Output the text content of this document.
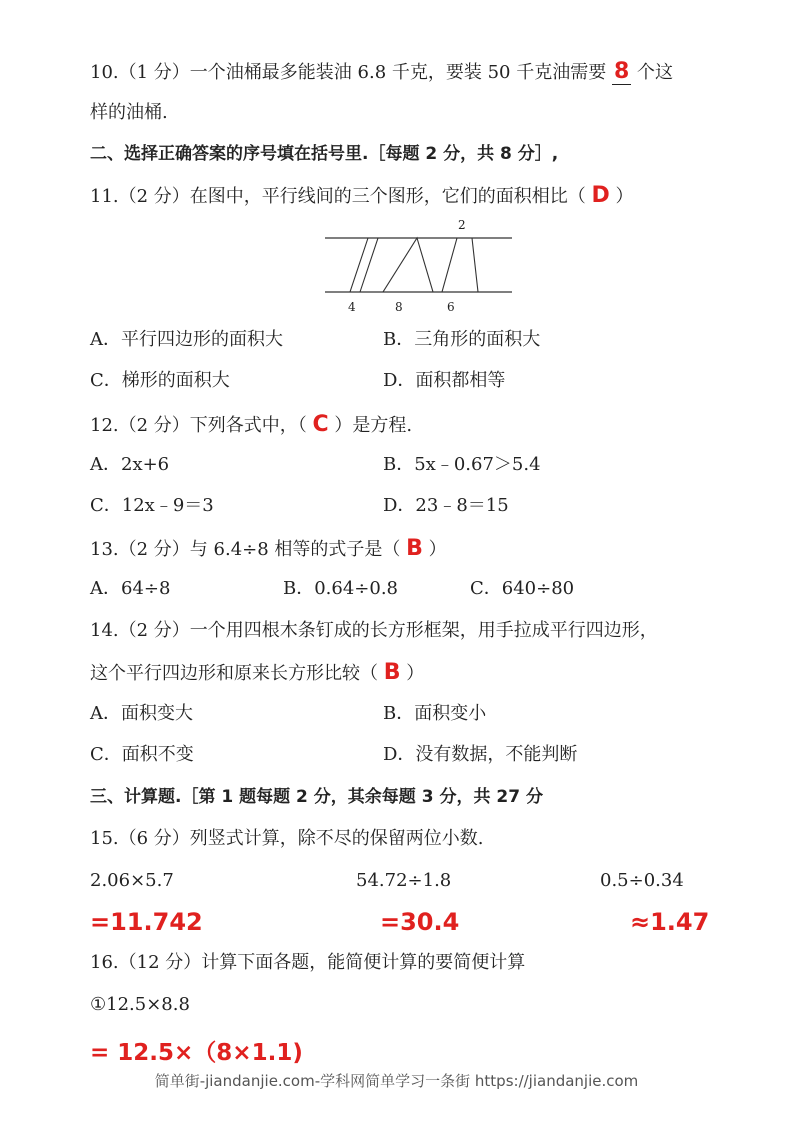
10.（1 分）一个油桶最多能装油 6.8 千克，要装 50 千克油需要 8 个这
样的油桶.
二、选择正确答案的序号填在括号里.［每题 2 分，共 8 分］,
11.（2 分）在图中，平行线间的三个图形，它们的面积相比（ D ）
2
4	8	6
A．平行四边形的面积大	B．三角形的面积大
C．梯形的面积大	D．面积都相等
12.（2 分）下列各式中，（ C ）是方程.
A．2x+6	B．5x﹣0.67＞5.4
C．12x﹣9＝3	D．23﹣8＝15
13.（2 分）与 6.4÷8 相等的式子是（ B ）
A．64÷8	B．0.64÷0.8	C．640÷80
14.（2 分）一个用四根木条钉成的长方形框架，用手拉成平行四边形，
这个平行四边形和原来长方形比较（ B ）
A．面积变大	B．面积变小
C．面积不变	D．没有数据，不能判断
三、计算题.［第 1 题每题 2 分，其余每题 3 分，共 27 分
15.（6 分）列竖式计算，除不尽的保留两位小数.
2.06×5.7	54.72÷1.8	0.5÷0.34
=11.742	=30.4	≈1.47
16.（12 分）计算下面各题，能简便计算的要简便计算
①12.5×8.8
= 12.5×（8×1.1)
简单街-jiandanjie.com-学科网简单学习一条街 https://jiandanjie.com
